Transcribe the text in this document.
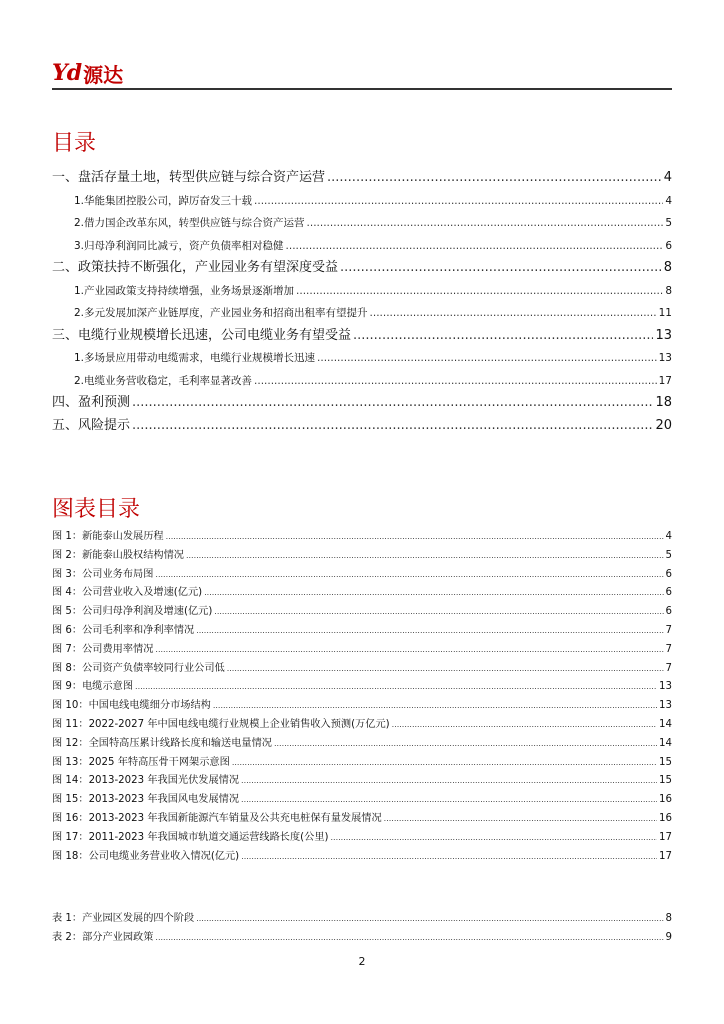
Yd 源达
目录
一、盘活存量土地，转型供应链与综合资产运营 .....	4
1.华能集团控股公司，踔厉奋发三十载 .....	4
2.借力国企改革东风，转型供应链与综合资产运营 .....	5
3.归母净利润同比减亏，资产负债率相对稳健 .....	6
二、政策扶持不断强化，产业园业务有望深度受益 .....	8
1.产业园政策支持持续增强，业务场景逐渐增加 .....	8
2.多元发展加深产业链厚度，产业园业务和招商出租率有望提升 .....	11
三、电缆行业规模增长迅速，公司电缆业务有望受益 .....	13
1.多场景应用带动电缆需求，电缆行业规模增长迅速 .....	13
2.电缆业务营收稳定，毛利率显著改善 .....	17
四、盈利预测 .....	18
五、风险提示 .....	20
图表目录
图 1：新能泰山发展历程 .....	4
图 2：新能泰山股权结构情况 .....	5
图 3：公司业务布局图 .....	6
图 4：公司营业收入及增速(亿元) .....	6
图 5：公司归母净利润及增速(亿元) .....	6
图 6：公司毛利率和净利率情况 .....	7
图 7：公司费用率情况 .....	7
图 8：公司资产负债率较同行业公司低 .....	7
图 9：电缆示意图 .....	13
图 10：中国电线电缆细分市场结构 .....	13
图 11：2022-2027 年中国电线电缆行业规模上企业销售收入预测(万亿元) .....	14
图 12：全国特高压累计线路长度和输送电量情况 .....	14
图 13：2025 年特高压骨干网架示意图 .....	15
图 14：2013-2023 年我国光伏发展情况 .....	15
图 15：2013-2023 年我国风电发展情况 .....	16
图 16：2013-2023 年我国新能源汽车销量及公共充电桩保有量发展情况 .....	16
图 17：2011-2023 年我国城市轨道交通运营线路长度(公里) .....	17
图 18：公司电缆业务营业收入情况(亿元) .....	17
表 1：产业园区发展的四个阶段 .....	8
表 2：部分产业园政策 .....	9
2
